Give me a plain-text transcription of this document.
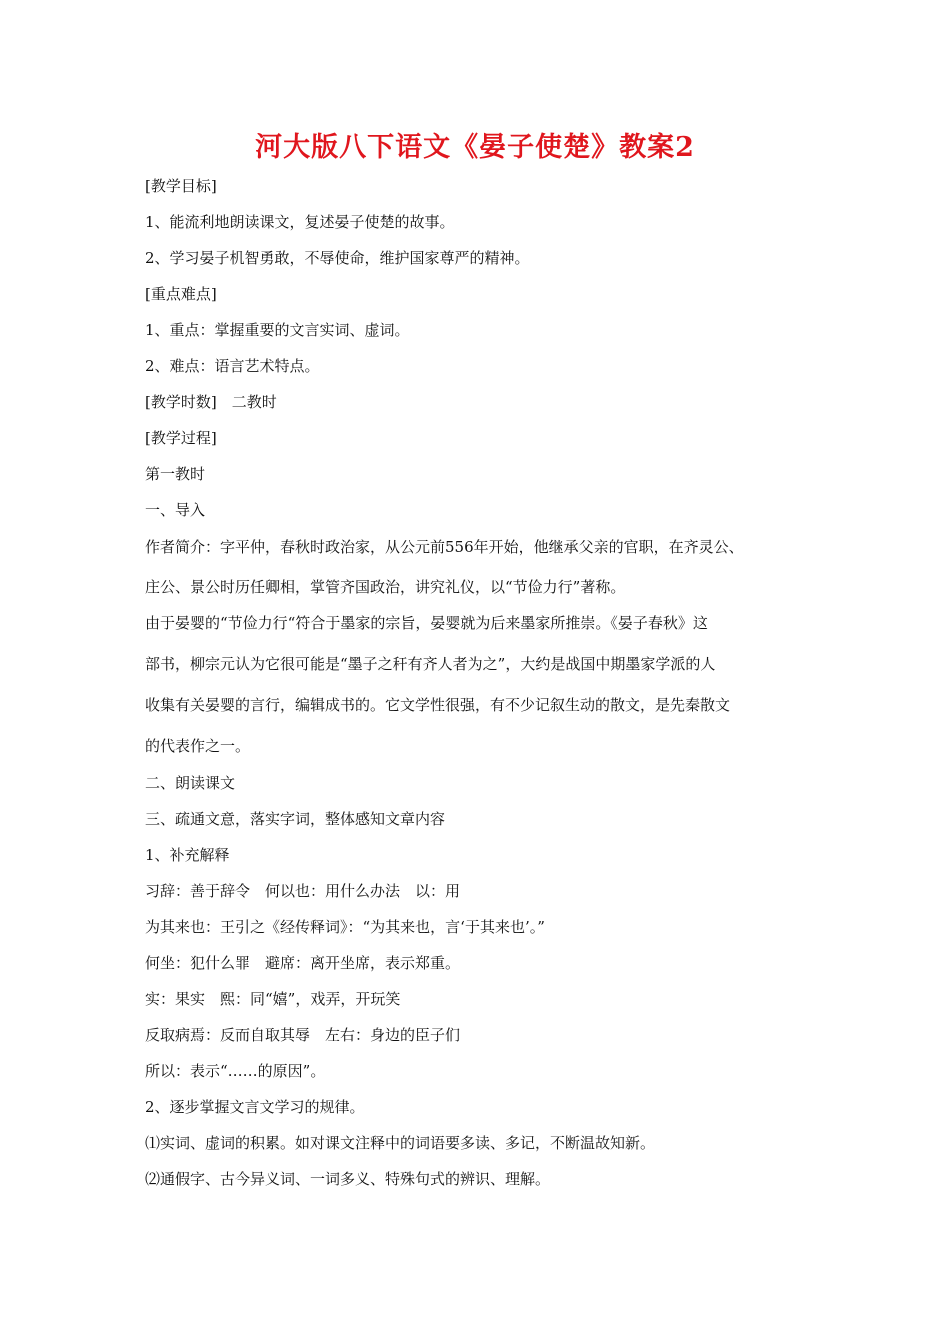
河大版八下语文《晏子使楚》教案2
[教学目标]
1、能流利地朗读课文，复述晏子使楚的故事。
2、学习晏子机智勇敢，不辱使命，维护国家尊严的精神。
[重点难点]
1、重点：掌握重要的文言实词、虚词。
2、难点：语言艺术特点。
[教学时数]　二教时
[教学过程]
第一教时
一、导入
作者简介：字平仲，春秋时政治家，从公元前556年开始，他继承父亲的官职，在齐灵公、
庄公、景公时历任卿相，掌管齐国政治，讲究礼仪，以“节俭力行”著称。
由于晏婴的“节俭力行“符合于墨家的宗旨，晏婴就为后来墨家所推崇。《晏子春秋》这
部书，柳宗元认为它很可能是“墨子之秆有齐人者为之”，大约是战国中期墨家学派的人
收集有关晏婴的言行，编辑成书的。它文学性很强，有不少记叙生动的散文，是先秦散文
的代表作之一。
二、朗读课文
三、疏通文意，落实字词，整体感知文章内容
1、补充解释
习辞：善于辞令　何以也：用什么办法　以：用
为其来也：王引之《经传释词》：“为其来也，言‘于其来也’。”
何坐：犯什么罪　避席：离开坐席，表示郑重。
实：果实　熙：同“嬉”，戏弄，开玩笑
反取病焉：反而自取其辱　左右：身边的臣子们
所以：表示“……的原因”。
2、逐步掌握文言文学习的规律。
⑴实词、虚词的积累。如对课文注释中的词语要多读、多记，不断温故知新。
⑵通假字、古今异义词、一词多义、特殊句式的辨识、理解。
